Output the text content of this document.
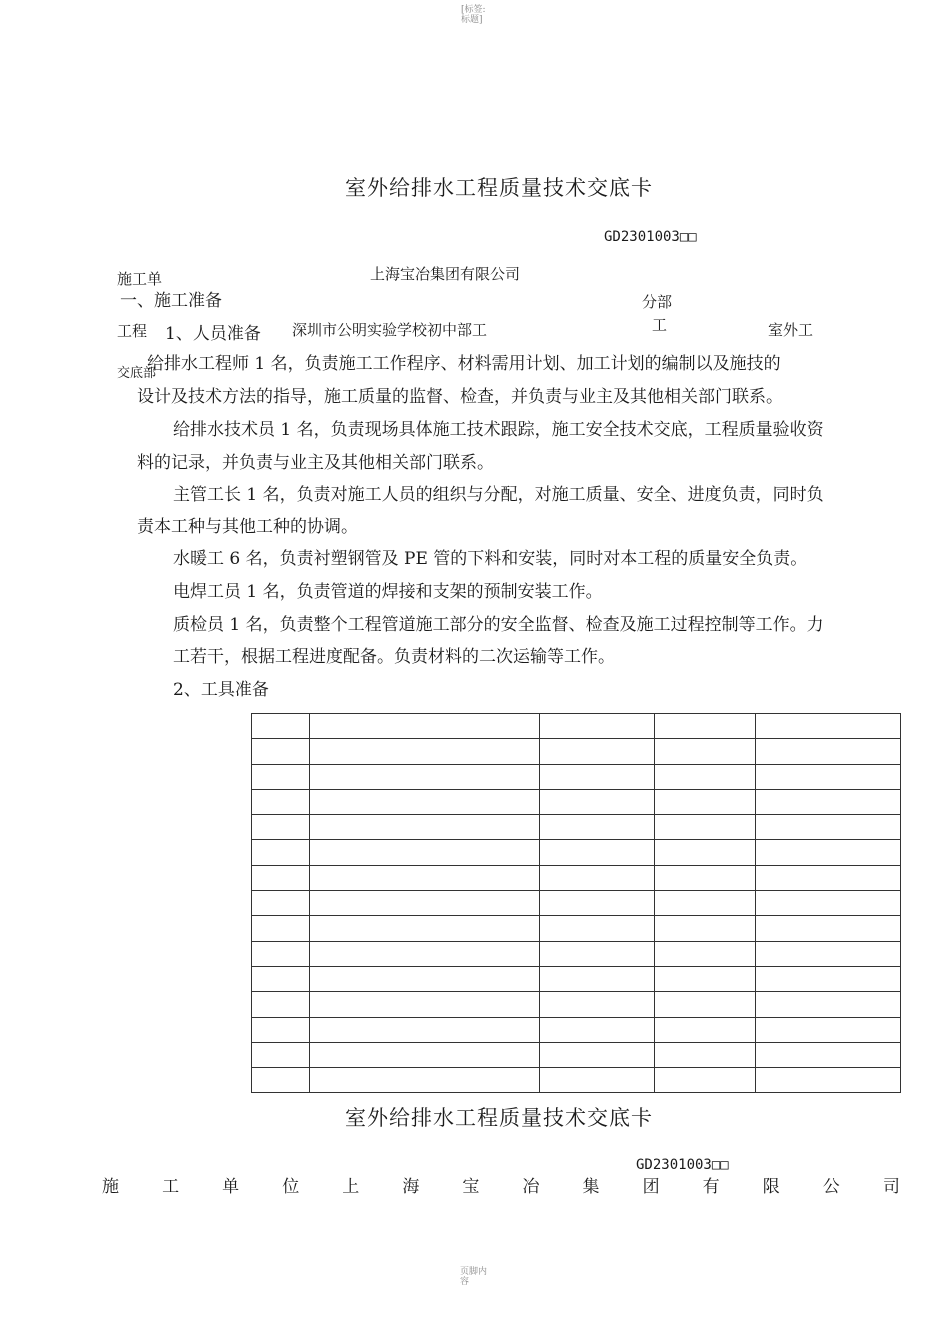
[标签:
标题]
室外给排水工程质量技术交底卡
GD2301003□□
上海宝冶集团有限公司
施工单
一、施工准备	分部
工程 1、人员准备 深圳市公明实验学校初中部工	工	室外工
交底部
给排水工程师 1 名，负责施工工作程序、材料需用计划、加工计划的编制以及施技的
设计及技术方法的指导，施工质量的监督、检查，并负责与业主及其他相关部门联系。
给排水技术员 1 名，负责现场具体施工技术跟踪，施工安全技术交底，工程质量验收资
料的记录，并负责与业主及其他相关部门联系。
主管工长 1 名，负责对施工人员的组织与分配，对施工质量、安全、进度负责，同时负
责本工种与其他工种的协调。
水暖工 6 名，负责衬塑钢管及 PE 管的下料和安装，同时对本工程的质量安全负责。
电焊工员 1 名，负责管道的焊接和支架的预制安装工作。
质检员 1 名，负责整个工程管道施工部分的安全监督、检查及施工过程控制等工作。力
工若干，根据工程进度配备。负责材料的二次运输等工作。
2、工具准备

室外给排水工程质量技术交底卡
GD2301003□□
施	工	单	位	上	海	宝	冶	集	团	有	限	公	司
页脚内
容
